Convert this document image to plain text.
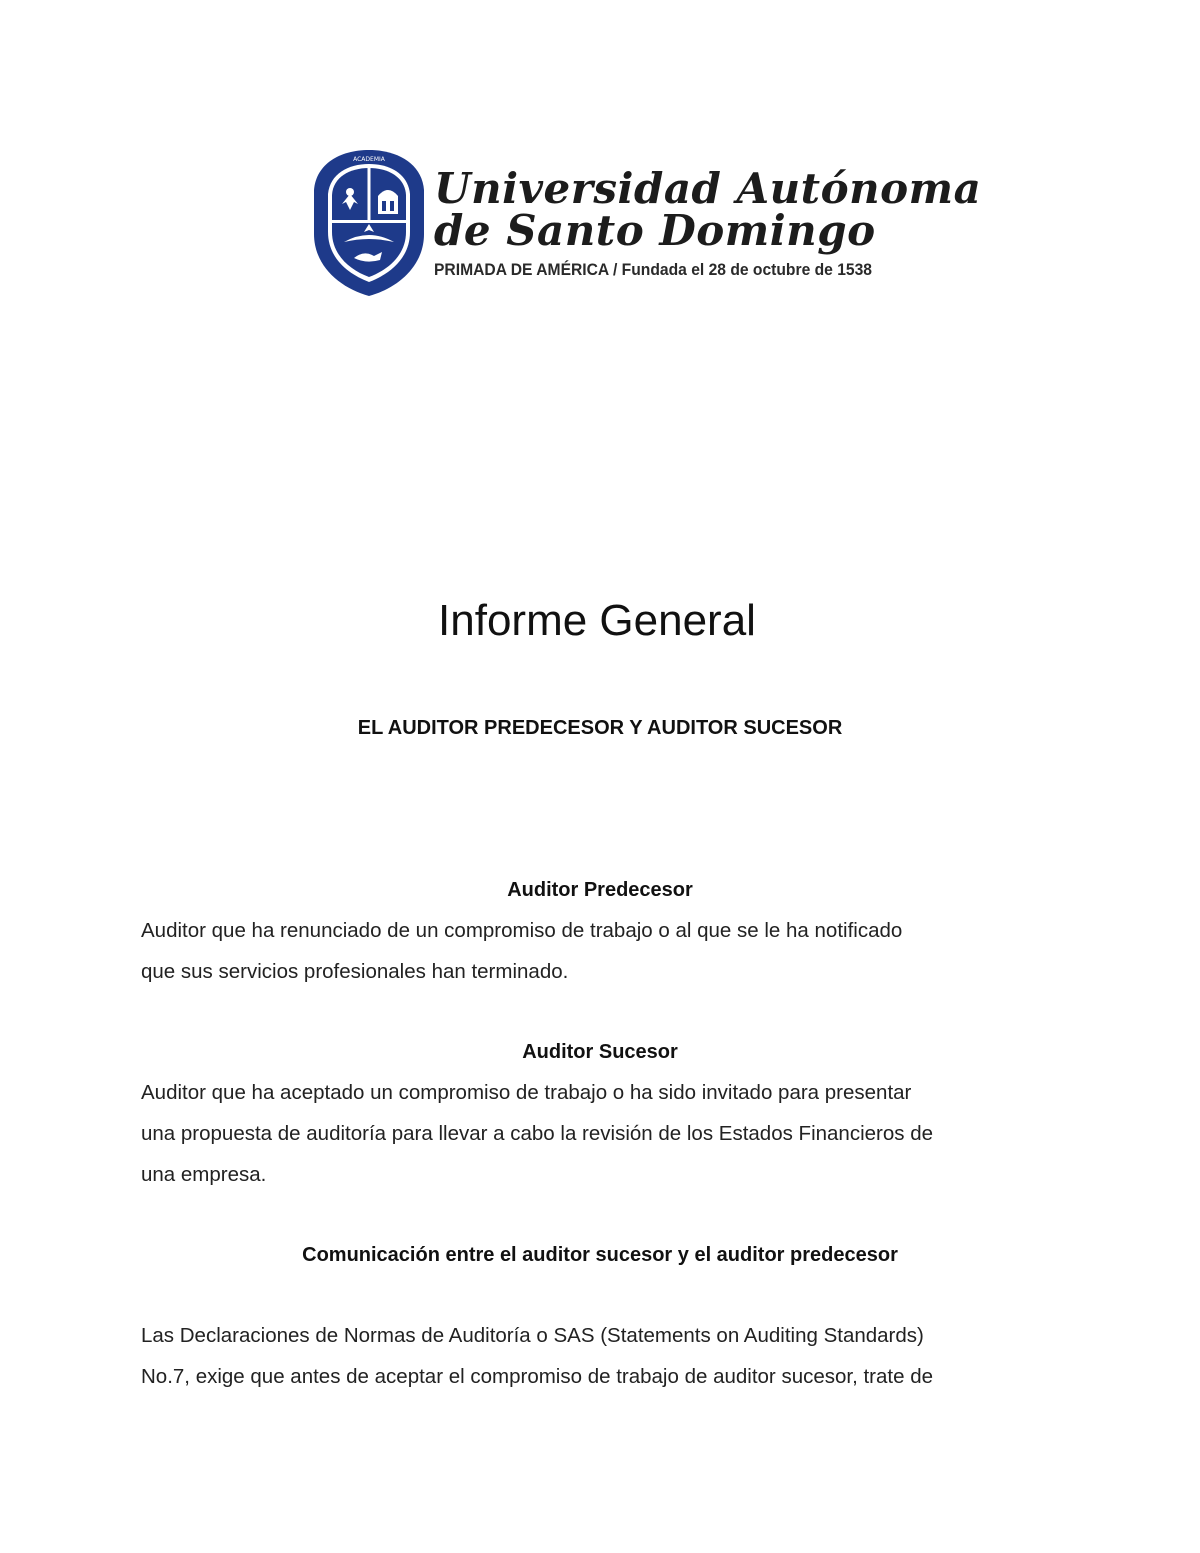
ACADEMIA
Universidad Autónoma
de Santo Domingo
PRIMADA DE AMÉRICA / Fundada el 28 de octubre de 1538
Informe General
EL AUDITOR PREDECESOR Y AUDITOR SUCESOR
Auditor Predecesor
Auditor que ha renunciado de un compromiso de trabajo o al que se le ha notificado
que sus servicios profesionales han terminado.
Auditor Sucesor
Auditor que ha aceptado un compromiso de trabajo o ha sido invitado para presentar
una propuesta de auditoría para llevar a cabo la revisión de los Estados Financieros de
una empresa.
Comunicación entre el auditor sucesor y el auditor predecesor
Las Declaraciones de Normas de Auditoría o SAS (Statements on Auditing Standards)
No.7, exige que antes de aceptar el compromiso de trabajo de auditor sucesor, trate de
